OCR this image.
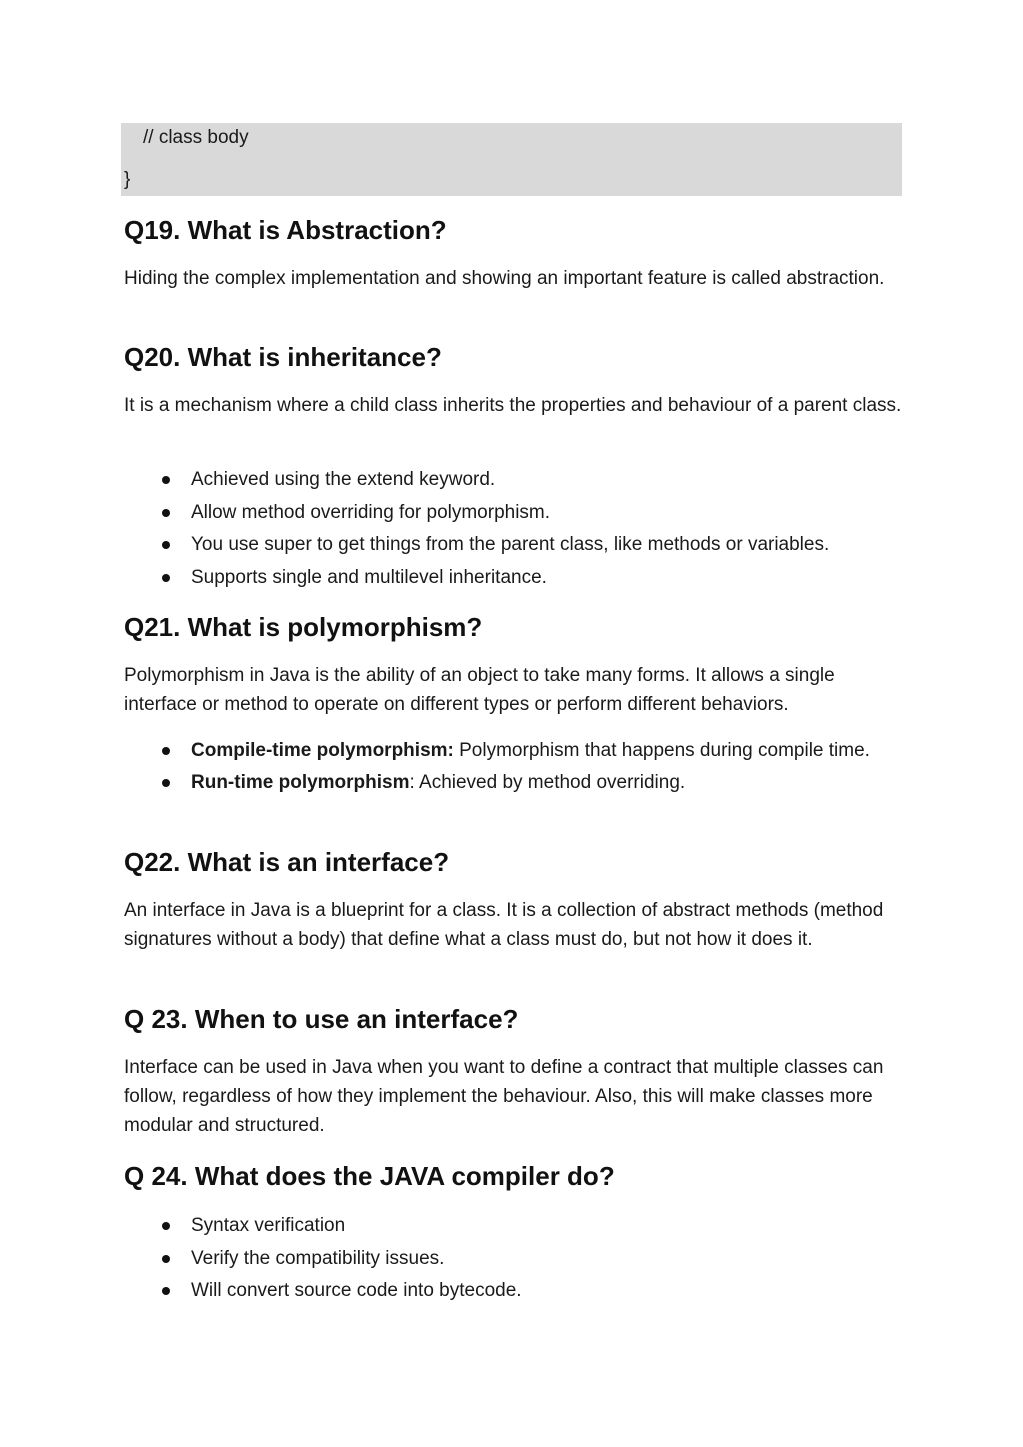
// class body
}
Q19. What is Abstraction?

Hiding the complex implementation and showing an important feature is called abstraction.

Q20. What is inheritance?

It is a mechanism where a child class inherits the properties and behaviour of a parent class.

Achieved using the extend keyword.
Allow method overriding for polymorphism.
You use super to get things from the parent class, like methods or variables.
Supports single and multilevel inheritance.
Q21. What is polymorphism?

Polymorphism in Java is the ability of an object to take many forms. It allows a single interface or method to operate on different types or perform different behaviors.

Compile-time polymorphism: Polymorphism that happens during compile time.
Run-time polymorphism: Achieved by method overriding.
Q22. What is an interface?

An interface in Java is a blueprint for a class. It is a collection of abstract methods (method signatures without a body) that define what a class must do, but not how it does it.

Q 23. When to use an interface?

Interface can be used in Java when you want to define a contract that multiple classes can follow, regardless of how they implement the behaviour. Also, this will make classes more modular and structured.

Q 24. What does the JAVA compiler do?
Syntax verification
Verify the compatibility issues.
Will convert source code into bytecode.
